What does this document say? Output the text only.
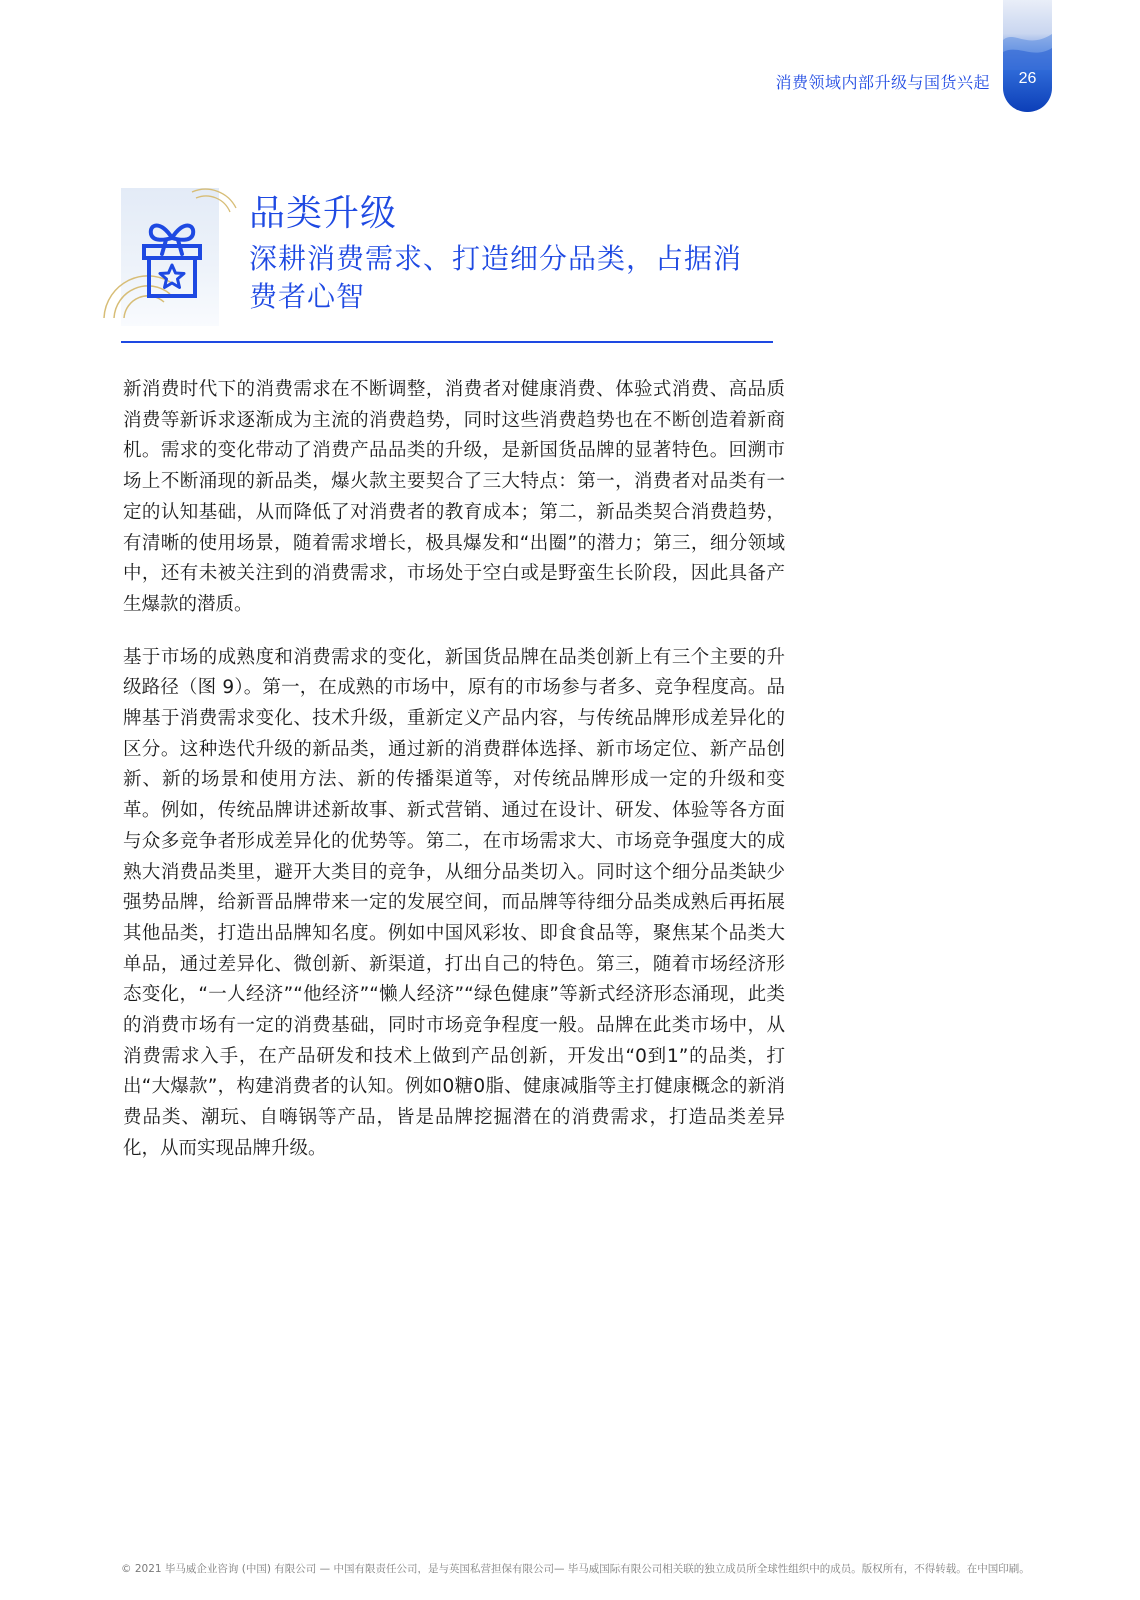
消费领域内部升级与国货兴起	26
品类升级
深耕消费需求、打造细分品类，占据消费者心智

新消费时代下的消费需求在不断调整，消费者对健康消费、体验式消费、高品质消费等新诉求逐渐成为主流的消费趋势，同时这些消费趋势也在不断创造着新商机。需求的变化带动了消费产品品类的升级，是新国货品牌的显著特色。回溯市场上不断涌现的新品类，爆火款主要契合了三大特点：第一，消费者对品类有一定的认知基础，从而降低了对消费者的教育成本；第二，新品类契合消费趋势，有清晰的使用场景，随着需求增长，极具爆发和“出圈”的潜力；第三，细分领域中，还有未被关注到的消费需求，市场处于空白或是野蛮生长阶段，因此具备产生爆款的潜质。

基于市场的成熟度和消费需求的变化，新国货品牌在品类创新上有三个主要的升级路径（图 9）。第一，在成熟的市场中，原有的市场参与者多、竞争程度高。品牌基于消费需求变化、技术升级，重新定义产品内容，与传统品牌形成差异化的区分。这种迭代升级的新品类，通过新的消费群体选择、新市场定位、新产品创新、新的场景和使用方法、新的传播渠道等，对传统品牌形成一定的升级和变革。例如，传统品牌讲述新故事、新式营销、通过在设计、研发、体验等各方面与众多竞争者形成差异化的优势等。第二，在市场需求大、市场竞争强度大的成熟大消费品类里，避开大类目的竞争，从细分品类切入。同时这个细分品类缺少强势品牌，给新晋品牌带来一定的发展空间，而品牌等待细分品类成熟后再拓展其他品类，打造出品牌知名度。例如中国风彩妆、即食食品等，聚焦某个品类大单品，通过差异化、微创新、新渠道，打出自己的特色。第三，随着市场经济形态变化，“一人经济”“他经济”“懒人经济”“绿色健康”等新式经济形态涌现，此类的消费市场有一定的消费基础，同时市场竞争程度一般。品牌在此类市场中，从消费需求入手，在产品研发和技术上做到产品创新，开发出“0到1”的品类，打出“大爆款”，构建消费者的认知。例如0糖0脂、健康减脂等主打健康概念的新消费品类、潮玩、自嗨锅等产品，皆是品牌挖掘潜在的消费需求，打造品类差异化，从而实现品牌升级。

© 2021 毕马威企业咨询 (中国) 有限公司 — 中国有限责任公司，是与英国私营担保有限公司— 毕马威国际有限公司相关联的独立成员所全球性组织中的成员。版权所有，不得转载。在中国印刷。
